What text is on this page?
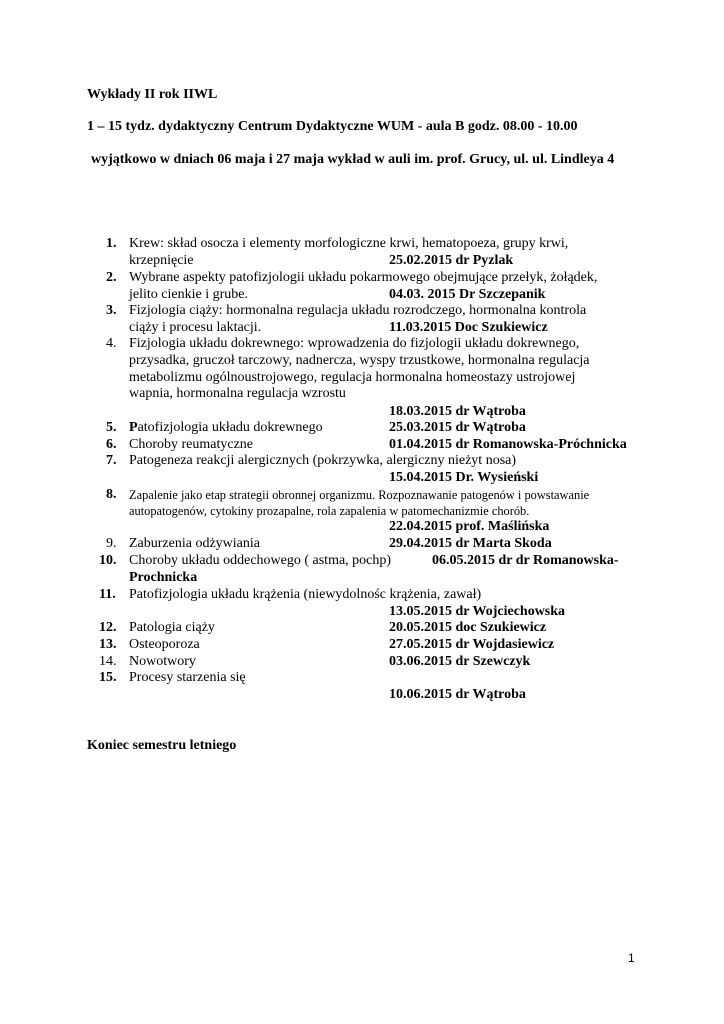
Wykłady II rok IIWL
1 – 15 tydz. dydaktyczny Centrum Dydaktyczne WUM - aula B godz. 08.00 - 10.00
wyjątkowo w dniach 06 maja i 27 maja wykład w auli im. prof. Grucy, ul. ul. Lindleya 4
1. Krew: skład osocza i elementy morfologiczne krwi, hematopoeza, grupy krwi,
krzepnięcie	25.02.2015 dr Pyzlak
2. Wybrane aspekty patofizjologii układu pokarmowego obejmujące przełyk, żołądek,
jelito cienkie i grube.	04.03. 2015 Dr Szczepanik
3. Fizjologia ciąży: hormonalna regulacja układu rozrodczego, hormonalna kontrola
ciąży i procesu laktacji.	11.03.2015 Doc Szukiewicz
4. Fizjologia układu dokrewnego: wprowadzenia do fizjologii układu dokrewnego,
przysadka, gruczoł tarczowy, nadnercza, wyspy trzustkowe, hormonalna regulacja
metabolizmu ogólnoustrojowego, regulacja hormonalna homeostazy ustrojowej
wapnia, hormonalna regulacja wzrostu
18.03.2015 dr Wątroba
5. Patofizjologia układu dokrewnego	25.03.2015 dr Wątroba
6. Choroby reumatyczne	01.04.2015 dr Romanowska-Próchnicka
7. Patogeneza reakcji alergicznych (pokrzywka, alergiczny nieżyt nosa)
15.04.2015 Dr. Wysieński
8. Zapalenie jako etap strategii obronnej organizmu. Rozpoznawanie patogenów i powstawanie
autopatogenów, cytokiny prozapalne, rola zapalenia w patomechanizmie chorób.
22.04.2015 prof. Maślińska
9. Zaburzenia odżywiania	29.04.2015 dr Marta Skoda
10. Choroby układu oddechowego ( astma, pochp)	06.05.2015 dr dr Romanowska-
Prochnicka
11. Patofizjologia układu krążenia (niewydolnośc krążenia, zawał)
13.05.2015 dr Wojciechowska
12. Patologia ciąży	20.05.2015 doc Szukiewicz
13. Osteoporoza	27.05.2015 dr Wojdasiewicz
14. Nowotwory	03.06.2015 dr Szewczyk
15. Procesy starzenia się
10.06.2015 dr Wątroba
Koniec semestru letniego
1
